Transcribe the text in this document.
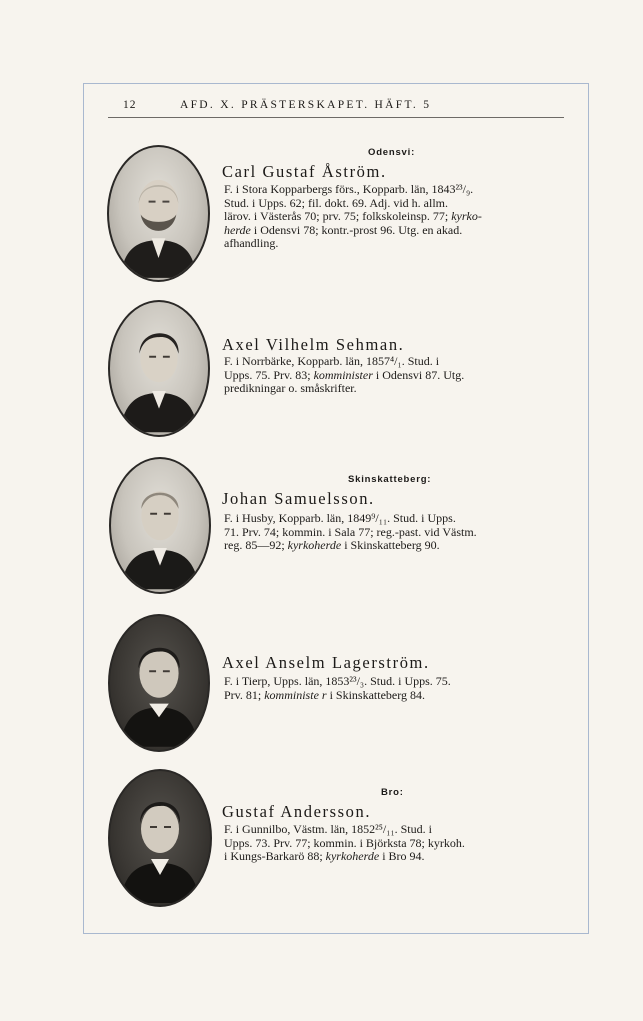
12	AFD. X. PRÄSTERSKAPET. HÄFT. 5
Odensvi:
Skinskatteberg:
Bro:
Carl Gustaf Åström.
Axel Vilhelm Sehman.
Johan Samuelsson.
Axel Anselm Lagerström.
Gustaf Andersson.
F. i Stora Kopparbergs förs., Kopparb. län, 1843²³/₉.
Stud. i Upps. 62; fil. dokt. 69. Adj. vid h. allm.
lärov. i Västerås 70; prv. 75; folkskoleinsp. 77; kyrko-
herde i Odensvi 78; kontr.-prost 96. Utg. en akad.
afhandling.
F. i Norrbärke, Kopparb. län, 1857⁴/₁. Stud. i
Upps. 75. Prv. 83; komminister i Odensvi 87. Utg.
predikningar o. småskrifter.
F. i Husby, Kopparb. län, 1849⁹/₁₁. Stud. i Upps.
71. Prv. 74; kommin. i Sala 77; reg.-past. vid Västm.
reg. 85—92; kyrkoherde i Skinskatteberg 90.
F. i Tierp, Upps. län, 1853²³/₃. Stud. i Upps. 75.
Prv. 81; komministe r i Skinskatteberg 84.
F. i Gunnilbo, Västm. län, 1852²⁵/₁₁. Stud. i
Upps. 73. Prv. 77; kommin. i Björksta 78; kyrkoh.
i Kungs-Barkarö 88; kyrkoherde i Bro 94.
